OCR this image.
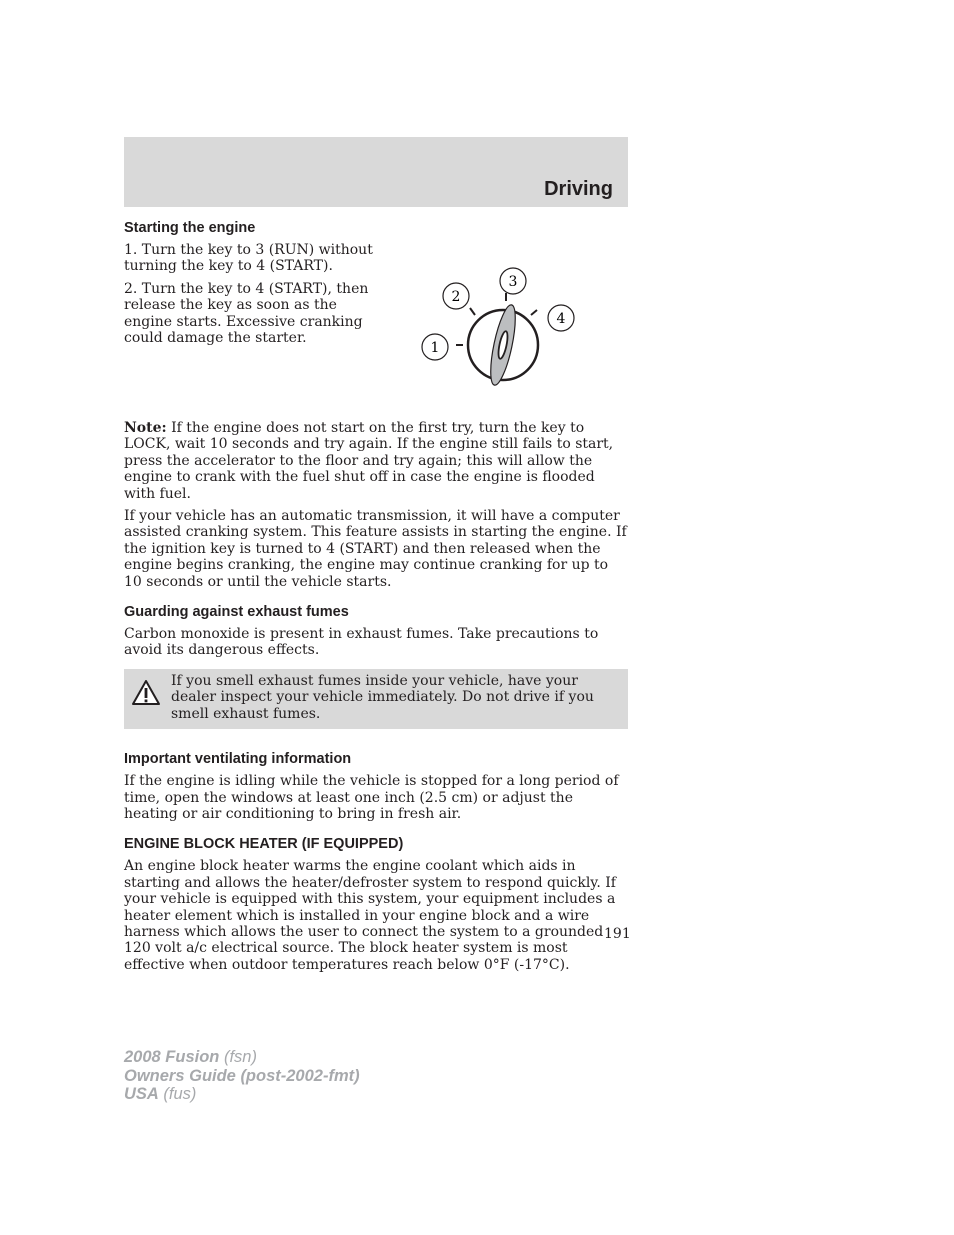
Driving
Starting the engine

1. Turn the key to 3 (RUN) without turning the key to 4 (START).

2. Turn the key to 4 (START), then release the key as soon as the engine starts. Excessive cranking could damage the starter.

1
2
3
4

Note: If the engine does not start on the first try, turn the key to LOCK, wait 10 seconds and try again. If the engine still fails to start, press the accelerator to the floor and try again; this will allow the engine to crank with the fuel shut off in case the engine is flooded with fuel.

If your vehicle has an automatic transmission, it will have a computer assisted cranking system. This feature assists in starting the engine. If the ignition key is turned to 4 (START) and then released when the engine begins cranking, the engine may continue cranking for up to 10 seconds or until the vehicle starts.

Guarding against exhaust fumes

Carbon monoxide is present in exhaust fumes. Take precautions to avoid its dangerous effects.

If you smell exhaust fumes inside your vehicle, have your dealer inspect your vehicle immediately. Do not drive if you smell exhaust fumes.

Important ventilating information

If the engine is idling while the vehicle is stopped for a long period of time, open the windows at least one inch (2.5 cm) or adjust the heating or air conditioning to bring in fresh air.

ENGINE BLOCK HEATER (IF EQUIPPED)

An engine block heater warms the engine coolant which aids in starting and allows the heater/defroster system to respond quickly. If your vehicle is equipped with this system, your equipment includes a heater element which is installed in your engine block and a wire harness which allows the user to connect the system to a grounded 120 volt a/c electrical source. The block heater system is most effective when outdoor temperatures reach below 0°F (-17°C).

191
2008 Fusion (fsn)
Owners Guide (post-2002-fmt)
USA (fus)
